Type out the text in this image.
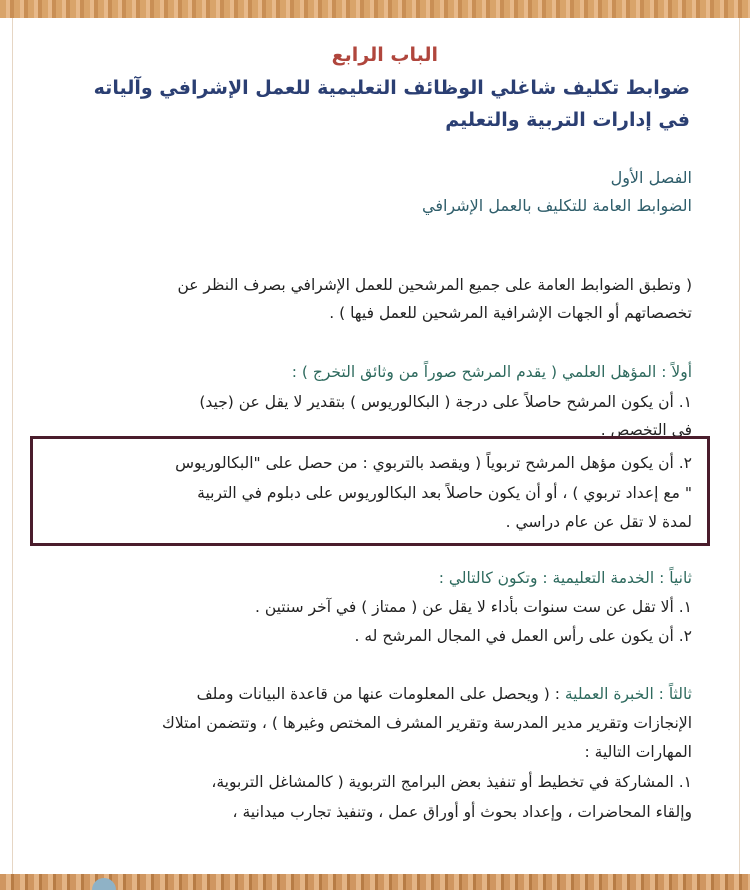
الباب الرابع
ضوابط تكليف شاغلي الوظائف التعليمية للعمل الإشرافي وآلياته
في إدارات التربية والتعليم
الفصل الأول
الضوابط العامة للتكليف بالعمل الإشرافي
( وتطبق الضوابط العامة على جميع المرشحين للعمل الإشرافي بصرف النظر عن
تخصصاتهم أو الجهات الإشرافية المرشحين للعمل فيها ) .
أولاً : المؤهل العلمي ( يقدم المرشح صوراً من وثائق التخرج ) :
١. أن يكون المرشح حاصلاً على درجة ( البكالوريوس ) بتقدير لا يقل عن (جيد)
في التخصص .
٢. أن يكون مؤهل المرشح تربوياً ( ويقصد بالتربوي : من حصل على "البكالوريوس
" مع إعداد تربوي ) ، أو أن يكون حاصلاً بعد البكالوريوس على دبلوم في التربية
لمدة لا تقل عن عام دراسي .
ثانياً : الخدمة التعليمية : وتكون كالتالي :
١. ألا تقل عن ست سنوات بأداء لا يقل عن ( ممتاز ) في آخر سنتين .
٢. أن يكون على رأس العمل في المجال المرشح له .
ثالثاً : الخبرة العملية : ( ويحصل على المعلومات عنها من قاعدة البيانات وملف
الإنجازات وتقرير مدير المدرسة وتقرير المشرف المختص وغيرها ) ، وتتضمن امتلاك
المهارات التالية :
١. المشاركة في تخطيط أو تنفيذ بعض البرامج التربوية ( كالمشاغل التربوية،
وإلقاء المحاضرات ، وإعداد بحوث أو أوراق عمل ، وتنفيذ تجارب ميدانية ،
